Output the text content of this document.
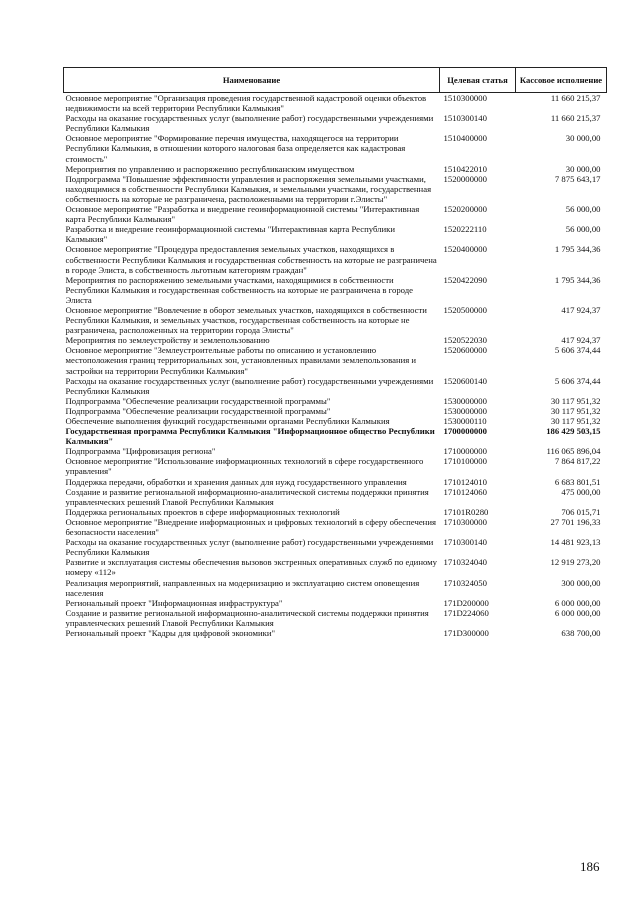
Наименование	Целевая статья	Кассовое исполнение
Основное мероприятие "Организация проведения государственной кадастровой оценки объектов недвижимости на всей территории Республики Калмыкия"	1510300000	11 660 215,37
Расходы на оказание государственных услуг (выполнение работ) государственными учреждениями Республики Калмыкия	1510300140	11 660 215,37
Основное мероприятие "Формирование перечня имущества, находящегося на территории Республики Калмыкия, в отношении которого налоговая база определяется как кадастровая стоимость"	1510400000	30 000,00
Мероприятия по управлению и распоряжению республиканским имуществом	1510422010	30 000,00
Подпрограмма "Повышение эффективности управления и распоряжения земельными участками, находящимися в собственности Республики Калмыкия, и земельными участками, государственная собственность на которые не разграничена, расположенными на территории г.Элисты"	1520000000	7 875 643,17
Основное мероприятие "Разработка и внедрение геоинформационной системы "Интерактивная карта Республики Калмыкия"	1520200000	56 000,00
Разработка и внедрение геоинформационной системы "Интерактивная карта Республики Калмыкия"	1520222110	56 000,00
Основное мероприятие "Процедура предоставления земельных участков, находящихся в собственности Республики Калмыкия и государственная собственность на которые не разграничена в городе Элиста, в собственность льготным категориям граждан"	1520400000	1 795 344,36
Мероприятия по распоряжению земельными участками, находящимися в собственности Республики Калмыкия и государственная собственность на которые не разграничена в городе Элиста	1520422090	1 795 344,36
Основное мероприятие "Вовлечение в оборот земельных участков, находящихся в собственности Республики Калмыкия, и земельных участков, государственная собственность на которые не разграничена, расположенных на территории города Элисты"	1520500000	417 924,37
Мероприятия по землеустройству и землепользованию	1520522030	417 924,37
Основное мероприятие "Землеустроительные работы по описанию и установлению местоположения границ территориальных зон, установленных правилами землепользования и застройки на территории Республики Калмыкия"	1520600000	5 606 374,44
Расходы на оказание государственных услуг (выполнение работ) государственными учреждениями Республики Калмыкия	1520600140	5 606 374,44
Подпрограмма "Обеспечение реализации государственной программы"	1530000000	30 117 951,32
Подпрограмма "Обеспечение реализации государственной программы"	1530000000	30 117 951,32
Обеспечение выполнения функций государственными органами Республики Калмыкия	1530000110	30 117 951,32
Государственная программа Республики Калмыкия "Информационное общество Республики Калмыкия"	1700000000	186 429 503,15
Подпрограмма "Цифровизация региона"	1710000000	116 065 896,04
Основное мероприятие "Использование информационных технологий в сфере государственного управления"	1710100000	7 864 817,22
Поддержка передачи, обработки и хранения данных для нужд государственного управления	1710124010	6 683 801,51
Создание и развитие региональной информационно-аналитической системы поддержки принятия управленческих решений Главой Республики Калмыкия	1710124060	475 000,00
Поддержка региональных проектов в сфере информационных технологий	17101R0280	706 015,71
Основное мероприятие "Внедрение информационных и цифровых технологий в сферу обеспечения безопасности населения"	1710300000	27 701 196,33
Расходы на оказание государственных услуг (выполнение работ) государственными учреждениями Республики Калмыкия	1710300140	14 481 923,13
Развитие и эксплуатация системы обеспечения вызовов экстренных оперативных служб по единому номеру «112»	1710324040	12 919 273,20
Реализация мероприятий, направленных на модернизацию и эксплуатацию систем оповещения населения	1710324050	300 000,00
Региональный проект "Информационная инфраструктура"	171D200000	6 000 000,00
Создание и развитие региональной информационно-аналитической системы поддержки принятия управленческих решений Главой Республики Калмыкия	171D224060	6 000 000,00
Региональный проект "Кадры для цифровой экономики"	171D300000	638 700,00
186
